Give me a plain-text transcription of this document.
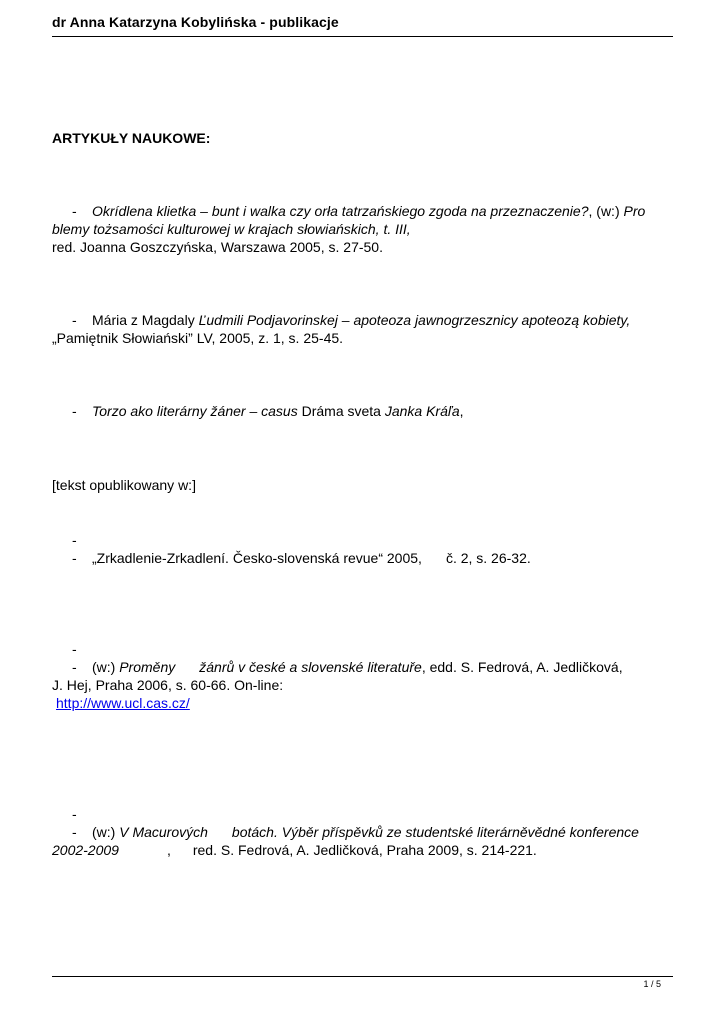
dr Anna Katarzyna Kobylińska - publikacje
ARTYKUŁY NAUKOWE:
- Okrídlena klietka – bunt i walka czy orła tatrzańskiego zgoda na przeznaczenie?, (w:) Pro
blemy tożsamości kulturowej w krajach słowiańskich, t. III,
red. Joanna Goszczyńska, Warszawa 2005, s. 27-50.
- Mária z Magdaly Ľudmili Podjavorinskej – apoteoza jawnogrzesznicy apoteozą kobiety,
„Pamiętnik Słowiański” LV, 2005, z. 1, s. 25-45.
- Torzo ako literárny žáner – casus Dráma sveta Janka Kráľa,
[tekst opublikowany w:]
-
- „Zrkadlenie-Zrkadlení. Česko-slovenská revue“ 2005, č. 2, s. 26-32.
-
- (w:) Proměny žánrů v české a slovenské literatuře, edd. S. Fedrová, A. Jedličková,
J. Hej, Praha 2006, s. 60-66. On-line:
http://www.ucl.cas.cz/
-
- (w:) V Macurových botách. Výběr příspěvků ze studentské literárněvědné konference
2002-2009	, red. S. Fedrová, A. Jedličková, Praha 2009, s. 214-221.
1 / 5
